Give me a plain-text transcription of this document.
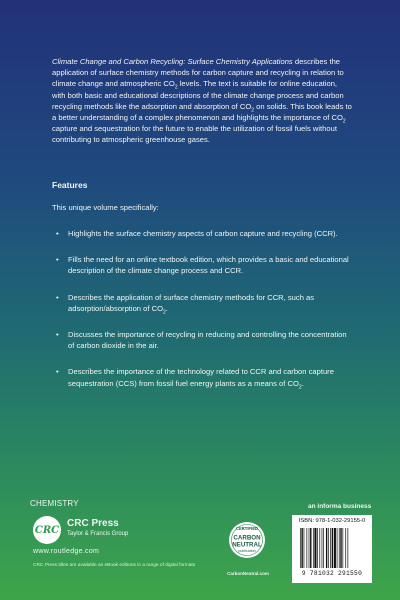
Climate Change and Carbon Recycling: Surface Chemistry Applications describes the application of surface chemistry methods for carbon capture and recycling in relation to climate change and atmospheric $CO_2$ levels. The text is suitable for online education, with both basic and educational descriptions of the climate change process and carbon recycling methods like the adsorption and absorption of $CO_2$ on solids. This book leads to a better understanding of a complex phenomenon and highlights the importance of $CO_2$ capture and sequestration for the future to enable the utilization of fossil fuels without contributing to atmospheric greenhouse gases.
Features
This unique volume specifically:
• Highlights the surface chemistry aspects of carbon capture and recycling (CCR).
• Fills the need for an online textbook edition, which provides a basic and educational description of the climate change process and CCR.
• Describes the application of surface chemistry methods for CCR, such as adsorption/absorption of $CO_2$.
• Discusses the importance of recycling in reducing and controlling the concentration of carbon dioxide in the air.
• Describes the importance of the technology related to CCR and carbon capture sequestration (CCS) from fossil fuel energy plants as a means of $CO_2$.
CHEMISTRY
CRC
CRC Press
Taylor & Francis Group
www.routledge.com
CRC Press titles are available as eBook editions in a range of digital formats
CERTIFIED
CARBON
NEUTRAL
publication
CarbonNeutral.com
an informa business
ISBN: 978-1-032-29155-0
9 781032 291550
